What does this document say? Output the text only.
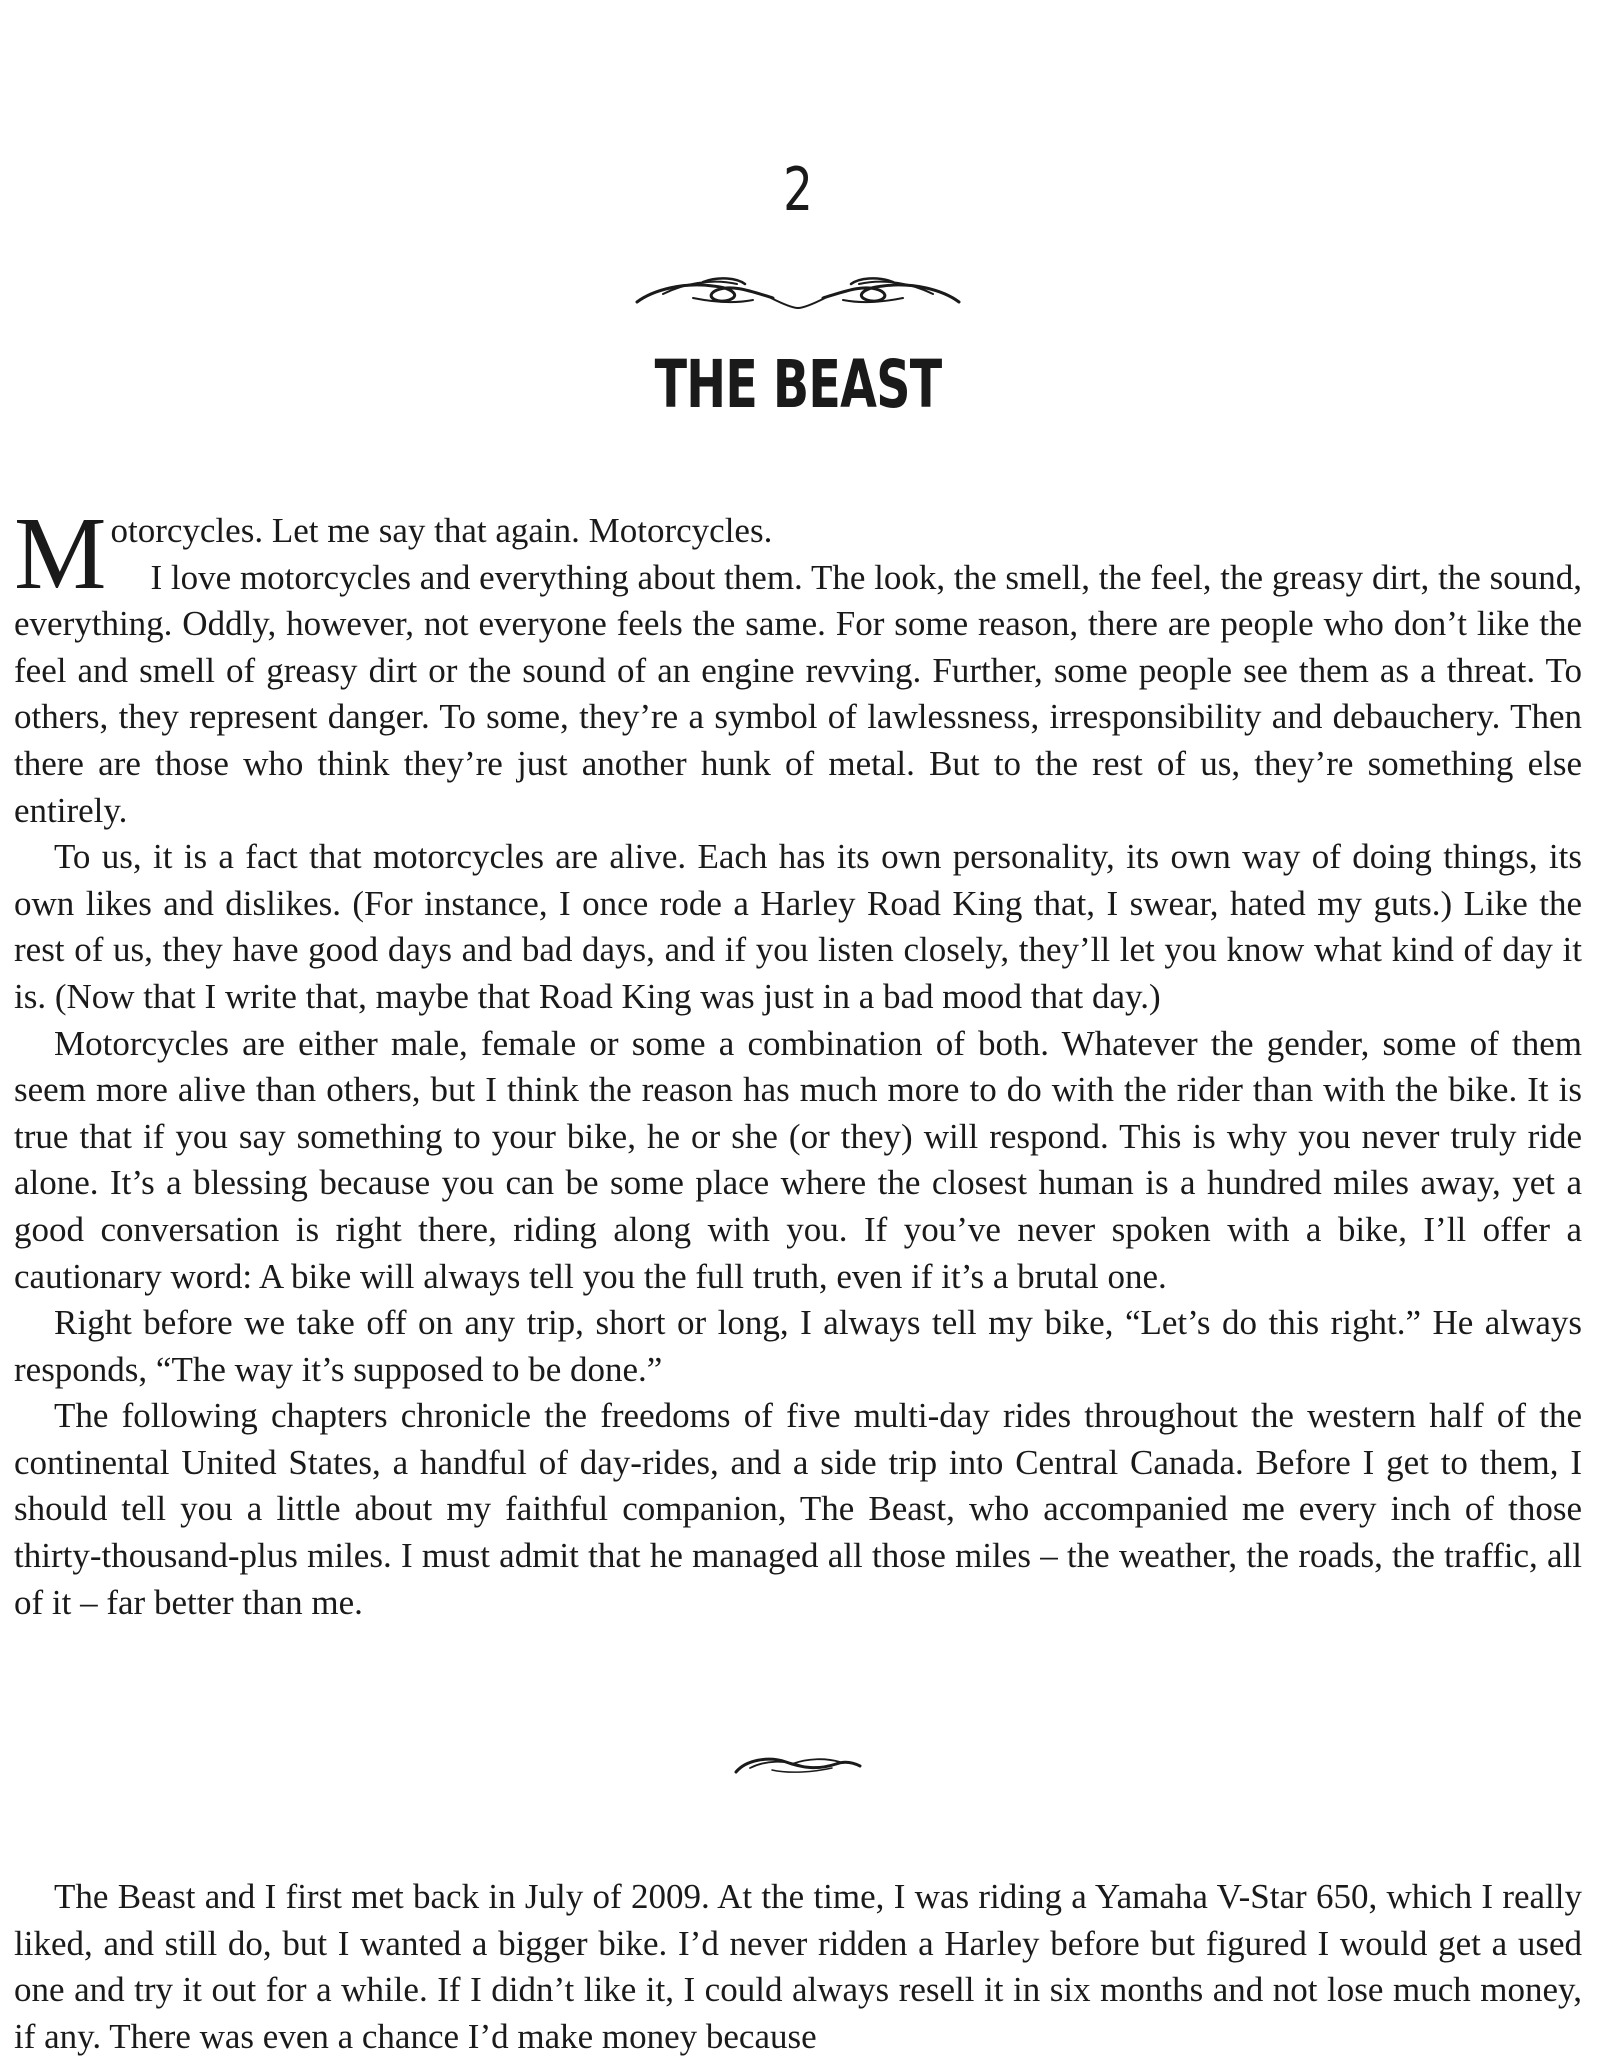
2
THE BEAST

M otorcycles. Let me say that again. Motorcycles.
I love motorcycles and everything about them. The look, the smell, the feel, the greasy dirt, the sound, everything. Oddly, however, not everyone feels the same. For some reason, there are people who don’t like the feel and smell of greasy dirt or the sound of an engine revving. Further, some people see them as a threat. To others, they represent danger. To some, they’re a symbol of lawlessness, irresponsibility and debauchery. Then there are those who think they’re just another hunk of metal. But to the rest of us, they’re something else entirely.

To us, it is a fact that motorcycles are alive. Each has its own personality, its own way of doing things, its own likes and dislikes. (For instance, I once rode a Harley Road King that, I swear, hated my guts.) Like the rest of us, they have good days and bad days, and if you listen closely, they’ll let you know what kind of day it is. (Now that I write that, maybe that Road King was just in a bad mood that day.)

Motorcycles are either male, female or some a combination of both. Whatever the gender, some of them seem more alive than others, but I think the reason has much more to do with the rider than with the bike. It is true that if you say something to your bike, he or she (or they) will respond. This is why you never truly ride alone. It’s a blessing because you can be some place where the closest human is a hundred miles away, yet a good conversation is right there, riding along with you. If you’ve never spoken with a bike, I’ll offer a cautionary word: A bike will always tell you the full truth, even if it’s a brutal one.

Right before we take off on any trip, short or long, I always tell my bike, “Let’s do this right.” He always responds, “The way it’s supposed to be done.”

The following chapters chronicle the freedoms of five multi-day rides throughout the western half of the continental United States, a handful of day-rides, and a side trip into Central Canada. Before I get to them, I should tell you a little about my faithful companion, The Beast, who accompanied me every inch of those thirty-thousand-plus miles. I must admit that he managed all those miles – the weather, the roads, the traffic, all of it – far better than me.

The Beast and I first met back in July of 2009. At the time, I was riding a Yamaha V-Star 650, which I really liked, and still do, but I wanted a bigger bike. I’d never ridden a Harley before but figured I would get a used one and try it out for a while. If I didn’t like it, I could always resell it in six months and not lose much money, if any. There was even a chance I’d make money because
